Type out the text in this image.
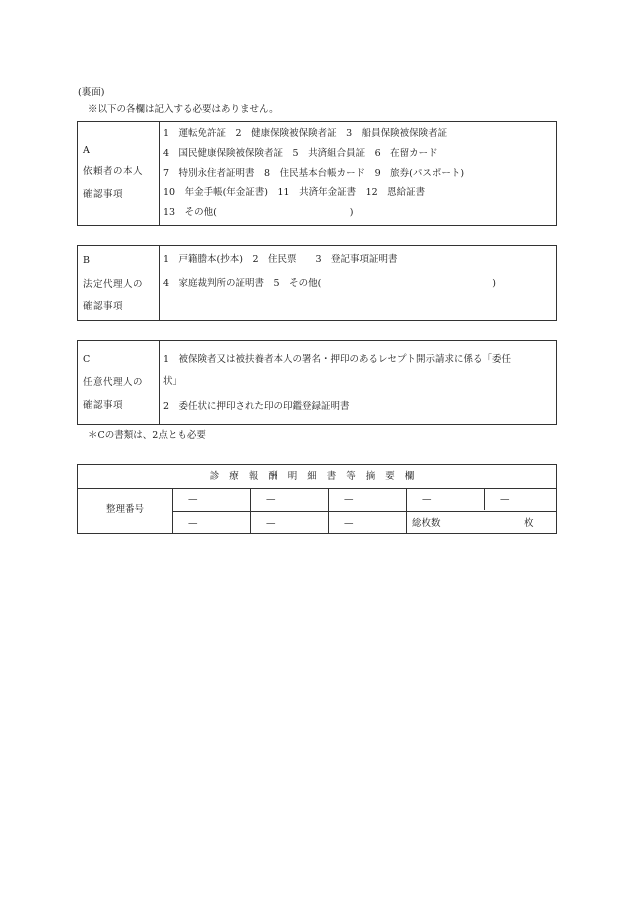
(裏面)
※以下の各欄は記入する必要はありません。
A
依頼者の本人
確認事項
1　運転免許証　2　健康保険被保険者証　3　船員保険被保険者証
4　国民健康保険被保険者証　5　共済組合員証　6　在留カード
7　特別永住者証明書　8　住民基本台帳カード　9　旅券(パスポート)
10　年金手帳(年金証書)　11　共済年金証書　12　恩給証書
13　その他(　　　　　　　　　　　　　　)
B
法定代理人の
確認事項
1　戸籍謄本(抄本)　2　住民票　　3　登記事項証明書
4　家庭裁判所の証明書　5　その他(　　　　　　　　　　　　　　　　　　)
C
任意代理人の
確認事項
1　被保険者又は被扶養者本人の署名・押印のあるレセプト開示請求に係る「委任
状」
2　委任状に押印された印の印鑑登録証明書
＊Cの書類は、2点とも必要
診療報酬明細書等摘要欄
整理番号
—	—	—	—	—
—	—	—	総枚数	枚
